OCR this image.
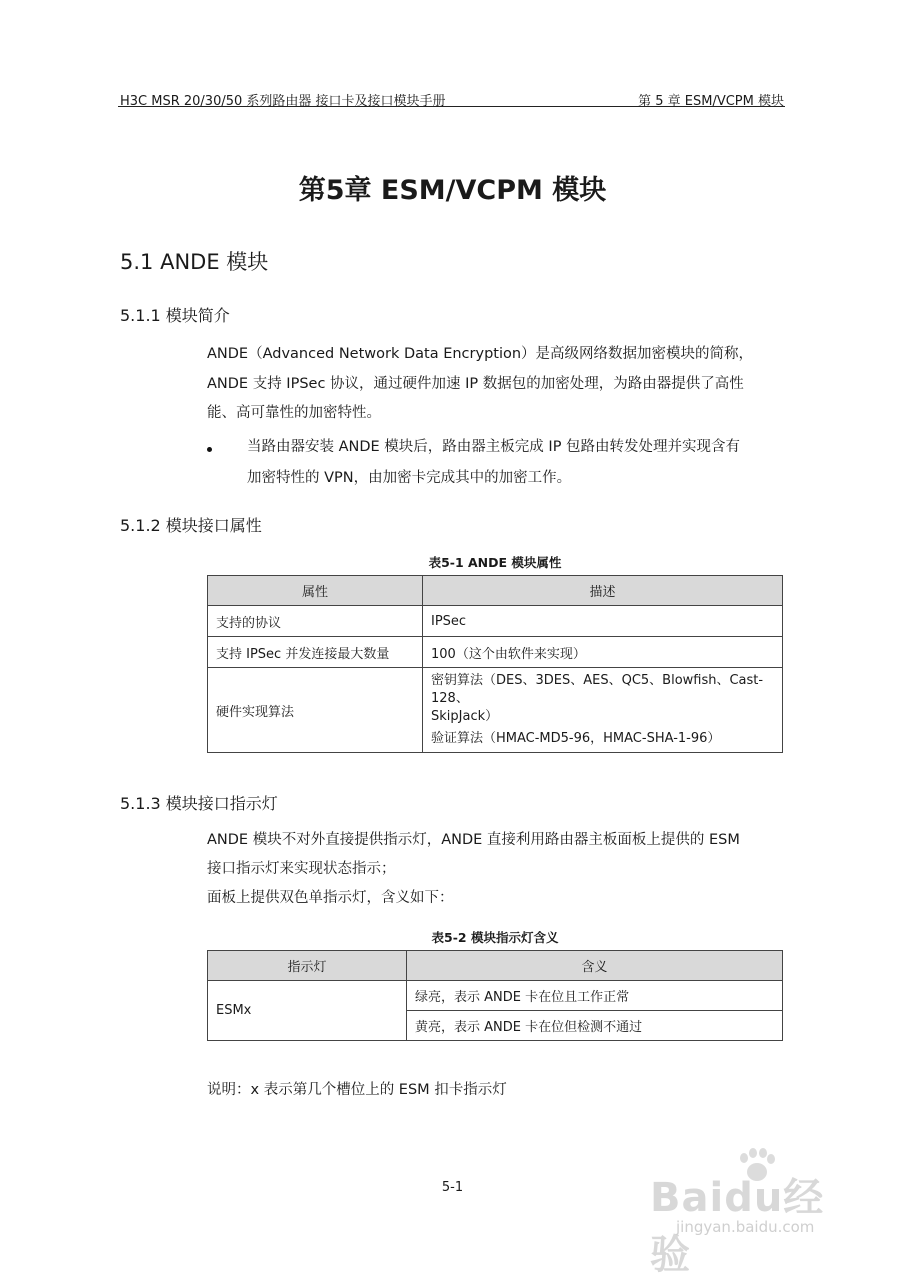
H3C MSR 20/30/50 系列路由器 接口卡及接口模块手册	第 5 章 ESM/VCPM 模块
第5章 ESM/VCPM 模块
5.1 ANDE 模块
5.1.1 模块简介

ANDE（Advanced Network Data Encryption）是高级网络数据加密模块的简称，

ANDE 支持 IPSec 协议，通过硬件加速 IP 数据包的加密处理，为路由器提供了高性
能、高可靠性的加密特性。

当路由器安装 ANDE 模块后，路由器主板完成 IP 包路由转发处理并实现含有
加密特性的 VPN，由加密卡完成其中的加密工作。

5.1.2 模块接口属性
表5-1 ANDE 模块属性
属性	描述
支持的协议	IPSec
支持 IPSec 并发连接最大数量	100（这个由软件来实现）
硬件实现算法	密钥算法（DES、3DES、AES、QC5、Blowfish、Cast-128、
SkipJack）
验证算法（HMAC-MD5-96，HMAC-SHA-1-96）
5.1.3 模块接口指示灯

ANDE 模块不对外直接提供指示灯，ANDE 直接利用路由器主板面板上提供的 ESM
接口指示灯来实现状态指示；

面板上提供双色单指示灯，含义如下：

表5-2 模块指示灯含义
指示灯	含义
ESMx	绿亮，表示 ANDE 卡在位且工作正常
	黄亮，表示 ANDE 卡在位但检测不通过
说明：x 表示第几个槽位上的 ESM 扣卡指示灯
5-1	Baidu经验
jingyan.baidu.com
